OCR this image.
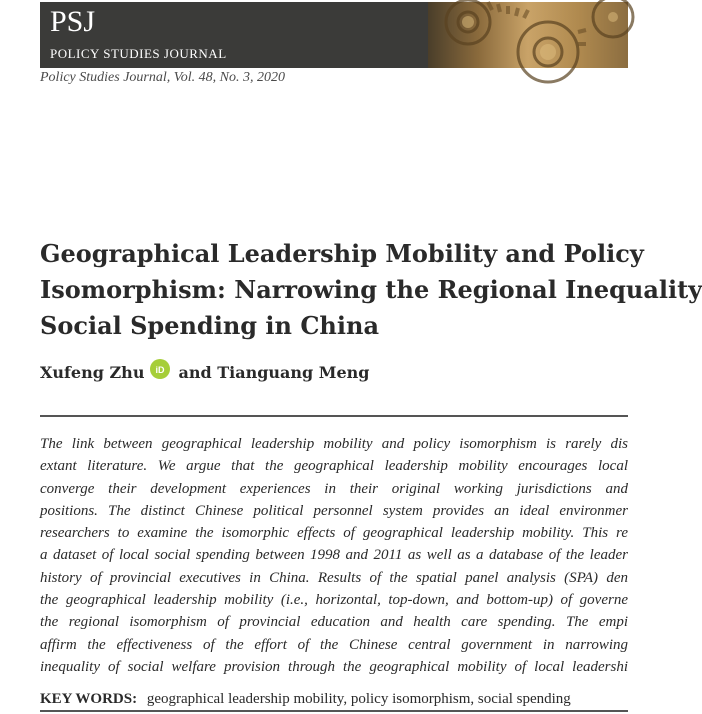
PSJ
POLICY STUDIES JOURNAL
Policy Studies Journal, Vol. 48, No. 3, 2020
Geographical Leadership Mobility and Policy
Isomorphism: Narrowing the Regional Inequality
Social Spending in China
Xufeng Zhu iD and Tianguang Meng
The link between geographical leadership mobility and policy isomorphism is rarely dis
extant literature. We argue that the geographical leadership mobility encourages local
converge their development experiences in their original working jurisdictions and
positions. The distinct Chinese political personnel system provides an ideal environmer
researchers to examine the isomorphic effects of geographical leadership mobility. This re
a dataset of local social spending between 1998 and 2011 as well as a database of the leader
history of provincial executives in China. Results of the spatial panel analysis (SPA) den
the geographical leadership mobility (i.e., horizontal, top-down, and bottom-up) of governe
the regional isomorphism of provincial education and health care spending. The empi
affirm the effectiveness of the effort of the Chinese central government in narrowing
inequality of social welfare provision through the geographical mobility of local leadershi
KEY WORDS: geographical leadership mobility, policy isomorphism, social spending
